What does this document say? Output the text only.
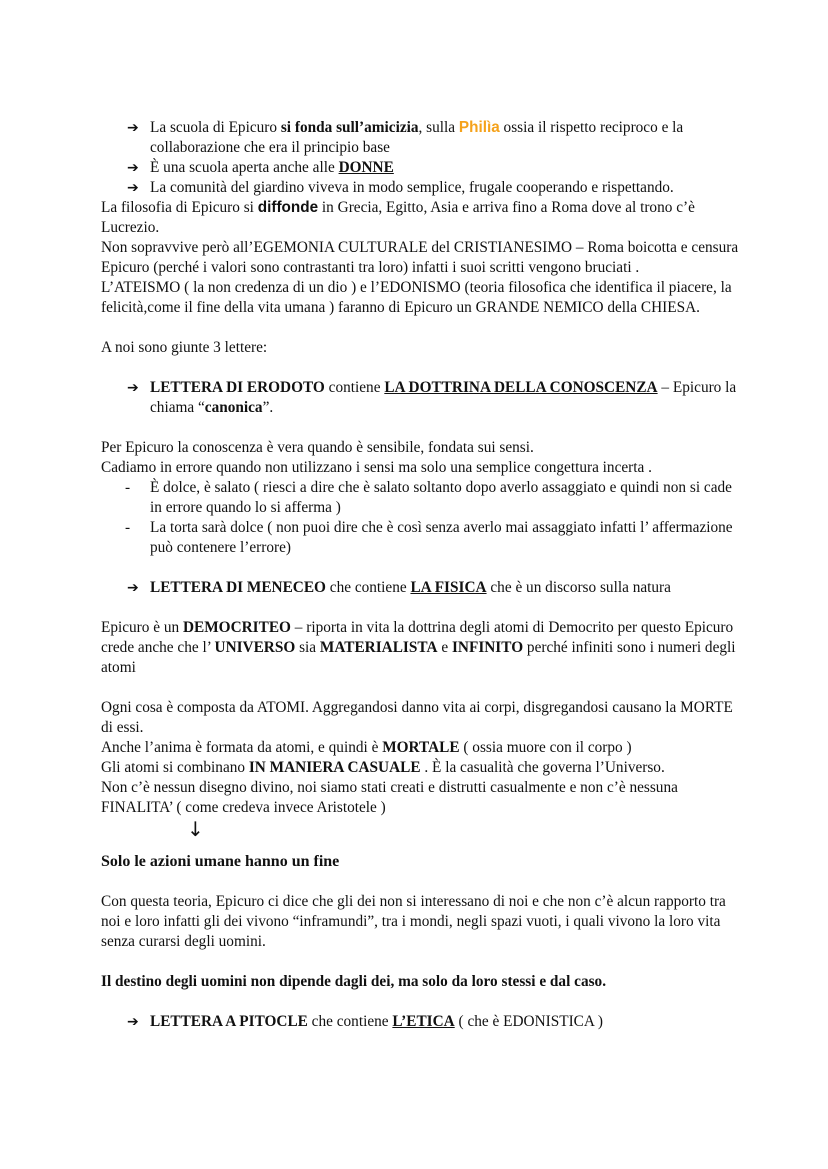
➔ La scuola di Epicuro si fonda sull’amicizia, sulla Philìa ossia il rispetto reciproco e la collaborazione che era il principio base
➔ È una scuola aperta anche alle DONNE
➔ La comunità del giardino viveva in modo semplice, frugale cooperando e rispettando.

La filosofia di Epicuro si diffonde in Grecia, Egitto, Asia e arriva fino a Roma dove al trono c’è Lucrezio.

Non sopravvive però all’EGEMONIA CULTURALE del CRISTIANESIMO – Roma boicotta e censura Epicuro (perché i valori sono contrastanti tra loro) infatti i suoi scritti vengono bruciati .

L’ATEISMO ( la non credenza di un dio ) e l’EDONISMO (teoria filosofica che identifica il piacere, la felicità,come il fine della vita umana ) faranno di Epicuro un GRANDE NEMICO della CHIESA.

A noi sono giunte 3 lettere:

➔ LETTERA DI ERODOTO contiene LA DOTTRINA DELLA CONOSCENZA – Epicuro la chiama “canonica”.

Per Epicuro la conoscenza è vera quando è sensibile, fondata sui sensi.

Cadiamo in errore quando non utilizzano i sensi ma solo una semplice congettura incerta .

- È dolce, è salato ( riesci a dire che è salato soltanto dopo averlo assaggiato e quindi non si cade in errore quando lo si afferma )
- La torta sarà dolce ( non puoi dire che è così senza averlo mai assaggiato infatti l’ affermazione può contenere l’errore)
➔ LETTERA DI MENECEO che contiene LA FISICA che è un discorso sulla natura

Epicuro è un DEMOCRITEO – riporta in vita la dottrina degli atomi di Democrito per questo Epicuro crede anche che l’ UNIVERSO sia MATERIALISTA e INFINITO perché infiniti sono i numeri degli atomi

Ogni cosa è composta da ATOMI. Aggregandosi danno vita ai corpi, disgregandosi causano la MORTE di essi.

Anche l’anima è formata da atomi, e quindi è MORTALE ( ossia muore con il corpo )

Gli atomi si combinano IN MANIERA CASUALE . È la casualità che governa l’Universo.

Non c’è nessun disegno divino, noi siamo stati creati e distrutti casualmente e non c’è nessuna FINALITA’ ( come credeva invece Aristotele )

↓

Solo le azioni umane hanno un fine

Con questa teoria, Epicuro ci dice che gli dei non si interessano di noi e che non c’è alcun rapporto tra noi e loro infatti gli dei vivono “inframundi”, tra i mondi, negli spazi vuoti, i quali vivono la loro vita senza curarsi degli uomini.

Il destino degli uomini non dipende dagli dei, ma solo da loro stessi e dal caso.

➔ LETTERA A PITOCLE che contiene L’ETICA ( che è EDONISTICA )
